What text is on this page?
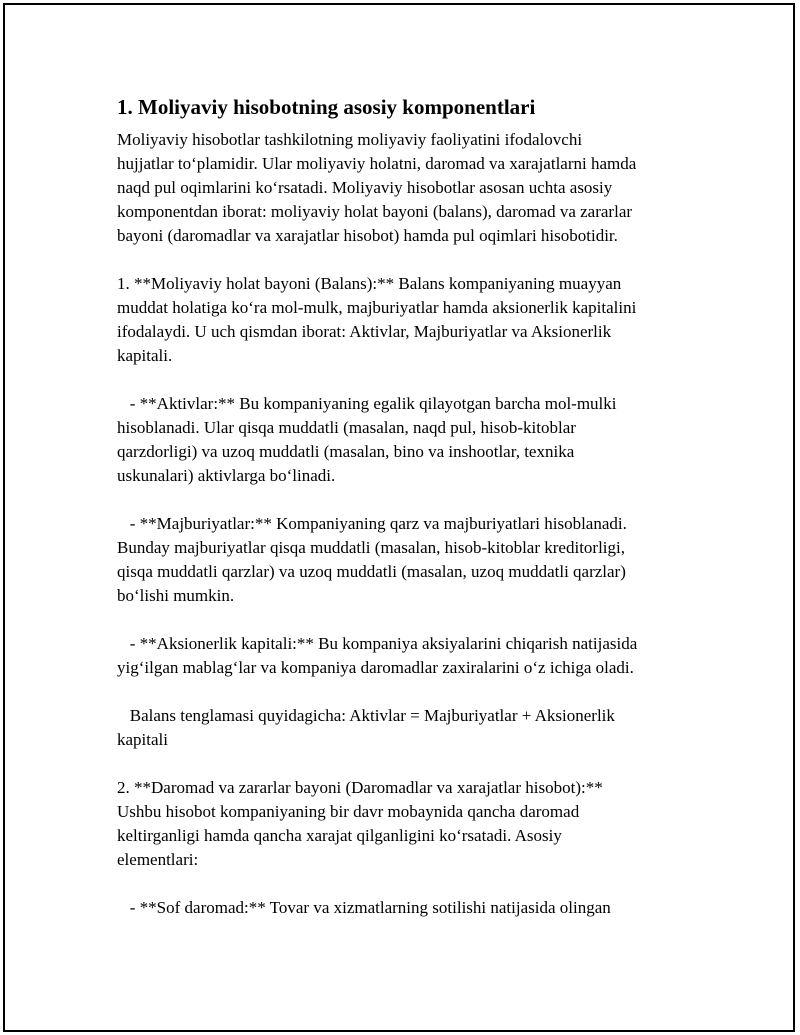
1. Moliyaviy hisobotning asosiy komponentlari

Moliyaviy hisobotlar tashkilotning moliyaviy faoliyatini ifodalovchi
hujjatlar to‘plamidir. Ular moliyaviy holatni, daromad va xarajatlarni hamda
naqd pul oqimlarini ko‘rsatadi. Moliyaviy hisobotlar asosan uchta asosiy
komponentdan iborat: moliyaviy holat bayoni (balans), daromad va zararlar
bayoni (daromadlar va xarajatlar hisobot) hamda pul oqimlari hisobotidir.

1. **Moliyaviy holat bayoni (Balans):** Balans kompaniyaning muayyan
muddat holatiga ko‘ra mol-mulk, majburiyatlar hamda aksionerlik kapitalini
ifodalaydi. U uch qismdan iborat: Aktivlar, Majburiyatlar va Aksionerlik
kapitali.

- **Aktivlar:** Bu kompaniyaning egalik qilayotgan barcha mol-mulki
hisoblanadi. Ular qisqa muddatli (masalan, naqd pul, hisob-kitoblar
qarzdorligi) va uzoq muddatli (masalan, bino va inshootlar, texnika
uskunalari) aktivlarga bo‘linadi.

- **Majburiyatlar:** Kompaniyaning qarz va majburiyatlari hisoblanadi.
Bunday majburiyatlar qisqa muddatli (masalan, hisob-kitoblar kreditorligi,
qisqa muddatli qarzlar) va uzoq muddatli (masalan, uzoq muddatli qarzlar)
bo‘lishi mumkin.

- **Aksionerlik kapitali:** Bu kompaniya aksiyalarini chiqarish natijasida
yig‘ilgan mablag‘lar va kompaniya daromadlar zaxiralarini o‘z ichiga oladi.

Balans tenglamasi quyidagicha: Aktivlar = Majburiyatlar + Aksionerlik
kapitali

2. **Daromad va zararlar bayoni (Daromadlar va xarajatlar hisobot):**
Ushbu hisobot kompaniyaning bir davr mobaynida qancha daromad
keltirganligi hamda qancha xarajat qilganligini ko‘rsatadi. Asosiy
elementlari:

- **Sof daromad:** Tovar va xizmatlarning sotilishi natijasida olingan
